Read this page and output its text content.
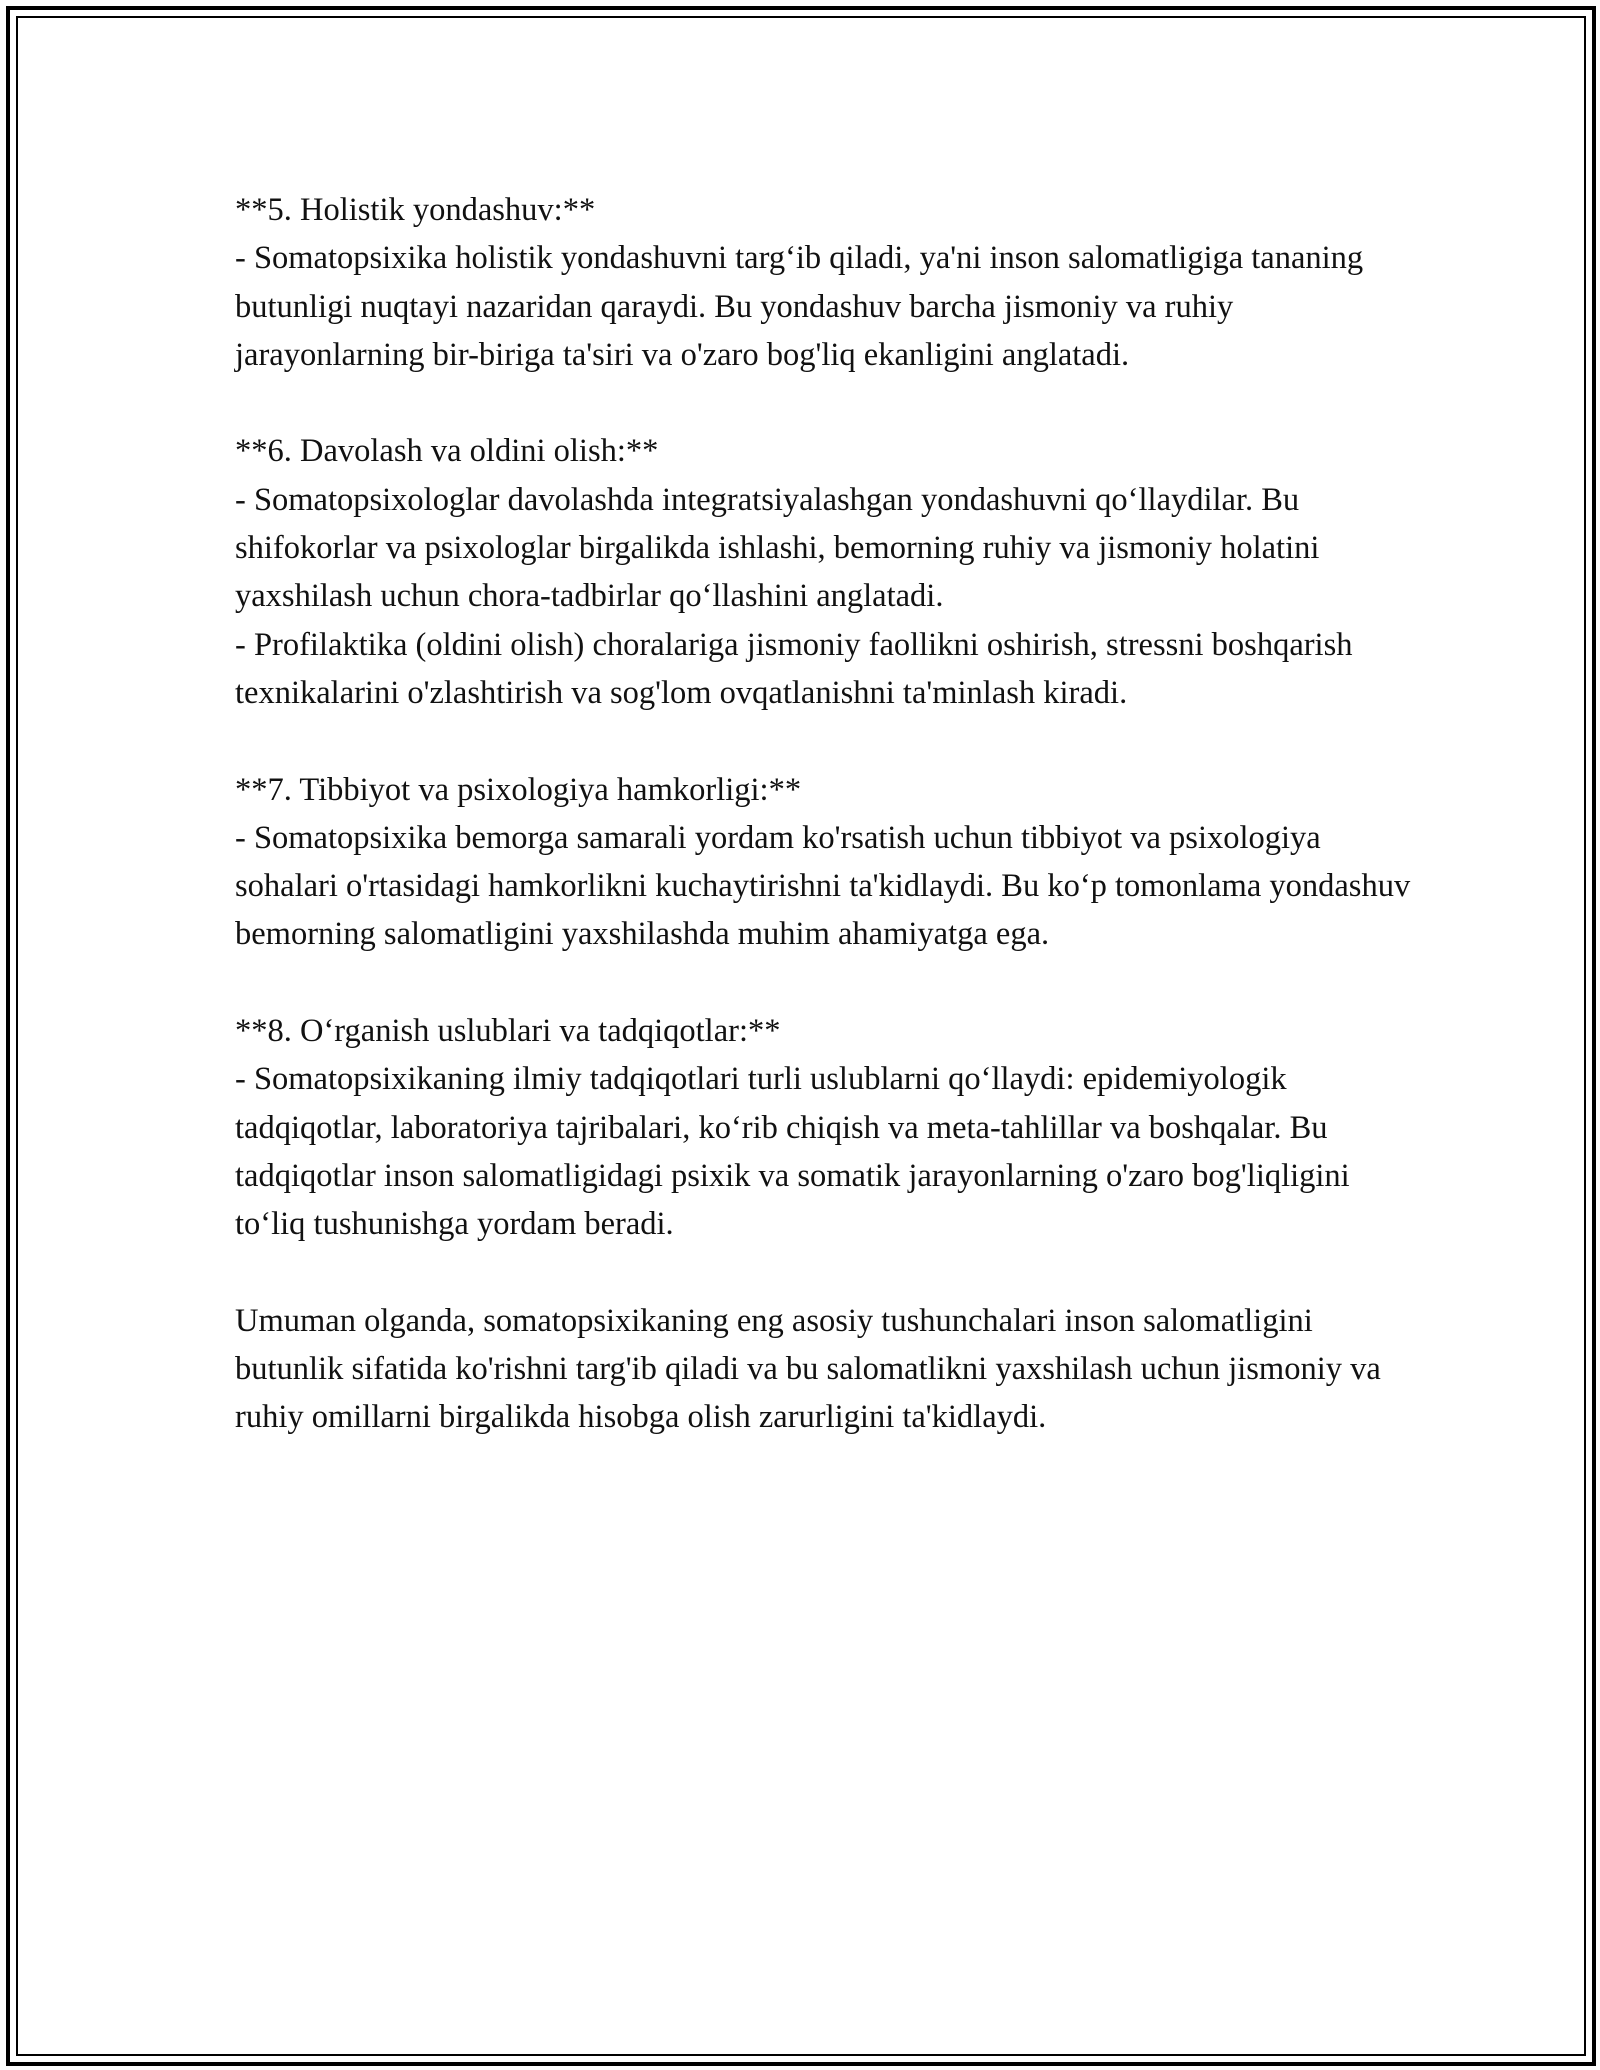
**5. Holistik yondashuv:**
- Somatopsixika holistik yondashuvni targ‘ib qiladi, ya'ni inson salomatligiga tananing butunligi nuqtayi nazaridan qaraydi. Bu yondashuv barcha jismoniy va ruhiy jarayonlarning bir-biriga ta'siri va o'zaro bog'liq ekanligini anglatadi.
**6. Davolash va oldini olish:**
- Somatopsixologlar davolashda integratsiyalashgan yondashuvni qo‘llaydilar. Bu shifokorlar va psixologlar birgalikda ishlashi, bemorning ruhiy va jismoniy holatini yaxshilash uchun chora-tadbirlar qo‘llashini anglatadi.
- Profilaktika (oldini olish) choralariga jismoniy faollikni oshirish, stressni boshqarish texnikalarini o'zlashtirish va sog'lom ovqatlanishni ta'minlash kiradi.
**7. Tibbiyot va psixologiya hamkorligi:**
- Somatopsixika bemorga samarali yordam ko'rsatish uchun tibbiyot va psixologiya sohalari o'rtasidagi hamkorlikni kuchaytirishni ta'kidlaydi. Bu ko‘p tomonlama yondashuv bemorning salomatligini yaxshilashda muhim ahamiyatga ega.
**8. O‘rganish uslublari va tadqiqotlar:**
- Somatopsixikaning ilmiy tadqiqotlari turli uslublarni qo‘llaydi: epidemiyologik tadqiqotlar, laboratoriya tajribalari, ko‘rib chiqish va meta-tahlillar va boshqalar. Bu tadqiqotlar inson salomatligidagi psixik va somatik jarayonlarning o'zaro bog'liqligini to‘liq tushunishga yordam beradi.
Umuman olganda, somatopsixikaning eng asosiy tushunchalari inson salomatligini butunlik sifatida ko'rishni targ'ib qiladi va bu salomatlikni yaxshilash uchun jismoniy va ruhiy omillarni birgalikda hisobga olish zarurligini ta'kidlaydi.
